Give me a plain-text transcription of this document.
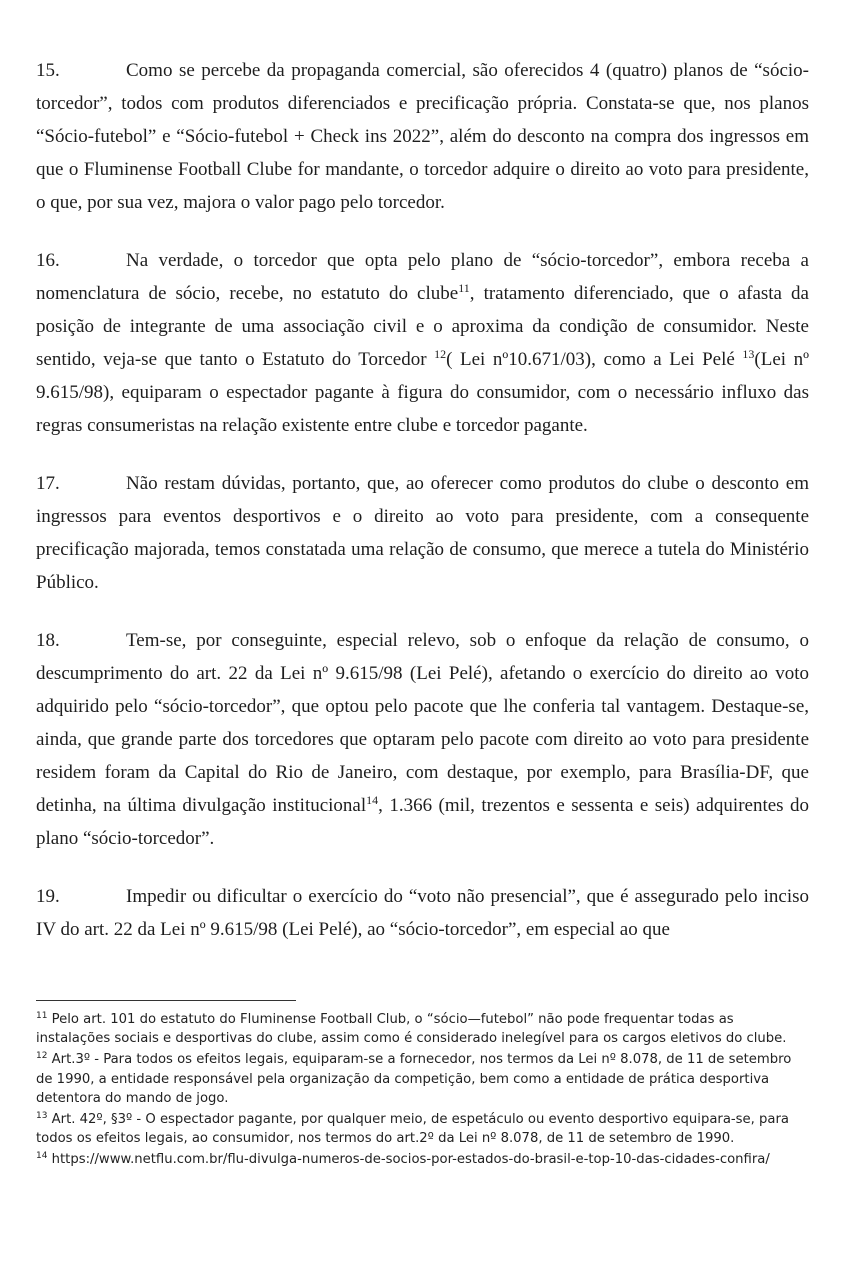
15.	Como se percebe da propaganda comercial, são oferecidos 4 (quatro) planos de “sócio-torcedor”, todos com produtos diferenciados e precificação própria. Constata-se que, nos planos “Sócio-futebol” e “Sócio-futebol + Check ins 2022”, além do desconto na compra dos ingressos em que o Fluminense Football Clube for mandante, o torcedor adquire o direito ao voto para presidente, o que, por sua vez, majora o valor pago pelo torcedor.

16.	Na verdade, o torcedor que opta pelo plano de “sócio-torcedor”, embora receba a nomenclatura de sócio, recebe, no estatuto do clube$^{11}$, tratamento diferenciado, que o afasta da posição de integrante de uma associação civil e o aproxima da condição de consumidor. Neste sentido, veja-se que tanto o Estatuto do Torcedor $^{12}$( Lei nº10.671/03), como a Lei Pelé $^{13}$(Lei nº 9.615/98), equiparam o espectador pagante à figura do consumidor, com o necessário influxo das regras consumeristas na relação existente entre clube e torcedor pagante.

17.	Não restam dúvidas, portanto, que, ao oferecer como produtos do clube o desconto em ingressos para eventos desportivos e o direito ao voto para presidente, com a consequente precificação majorada, temos constatada uma relação de consumo, que merece a tutela do Ministério Público.

18.	Tem-se, por conseguinte, especial relevo, sob o enfoque da relação de consumo, o descumprimento do art. 22 da Lei nº 9.615/98 (Lei Pelé), afetando o exercício do direito ao voto adquirido pelo “sócio-torcedor”, que optou pelo pacote que lhe conferia tal vantagem. Destaque-se, ainda, que grande parte dos torcedores que optaram pelo pacote com direito ao voto para presidente residem foram da Capital do Rio de Janeiro, com destaque, por exemplo, para Brasília-DF, que detinha, na última divulgação institucional$^{14}$, 1.366 (mil, trezentos e sessenta e seis) adquirentes do plano “sócio-torcedor”.

19.	Impedir ou dificultar o exercício do “voto não presencial”, que é assegurado pelo inciso IV do art. 22 da Lei nº 9.615/98 (Lei Pelé), ao “sócio-torcedor”, em especial ao que

$^{11}$ Pelo art. 101 do estatuto do Fluminense Football Club, o “sócio—futebol” não pode frequentar todas as instalações sociais e desportivas do clube, assim como é considerado inelegível para os cargos eletivos do clube.

$^{12}$ Art.3º - Para todos os efeitos legais, equiparam-se a fornecedor, nos termos da Lei nº 8.078, de 11 de setembro de 1990, a entidade responsável pela organização da competição, bem como a entidade de prática desportiva detentora do mando de jogo.

$^{13}$ Art. 42º, §3º - O espectador pagante, por qualquer meio, de espetáculo ou evento desportivo equipara-se, para todos os efeitos legais, ao consumidor, nos termos do art.2º da Lei nº 8.078, de 11 de setembro de 1990.

$^{14}$ https://www.netflu.com.br/flu-divulga-numeros-de-socios-por-estados-do-brasil-e-top-10-das-cidades-confira/
